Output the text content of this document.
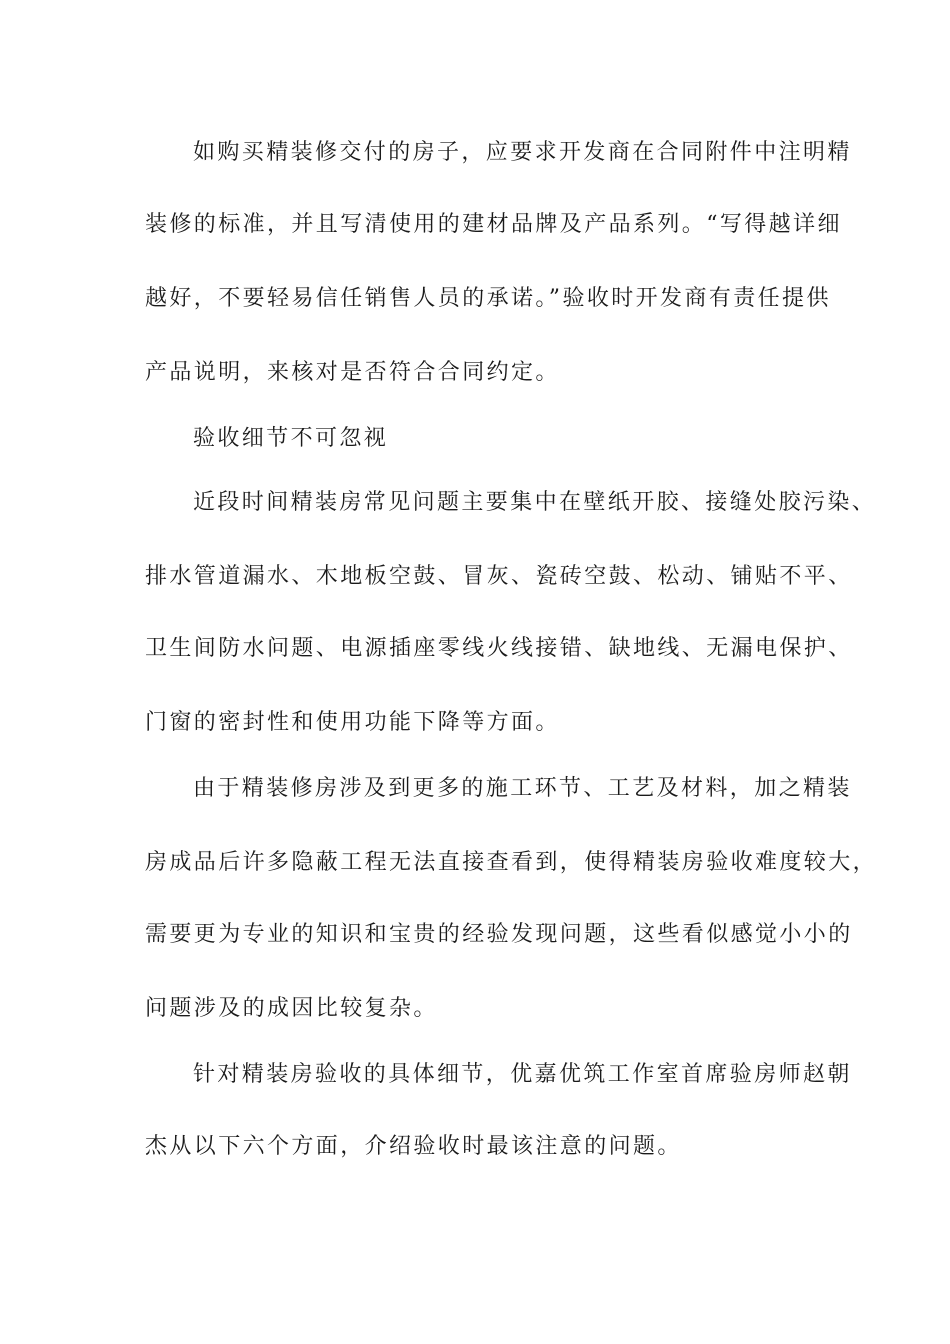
如购买精装修交付的房子，应要求开发商在合同附件中注明精
装修的标准，并且写清使用的建材品牌及产品系列。“写得越详细
越好，不要轻易信任销售人员的承诺。”验收时开发商有责任提供
产品说明，来核对是否符合合同约定。
验收细节不可忽视
近段时间精装房常见问题主要集中在壁纸开胶、接缝处胶污染、
排水管道漏水、木地板空鼓、冒灰、瓷砖空鼓、松动、铺贴不平、
卫生间防水问题、电源插座零线火线接错、缺地线、无漏电保护、
门窗的密封性和使用功能下降等方面。
由于精装修房涉及到更多的施工环节、工艺及材料，加之精装
房成品后许多隐蔽工程无法直接查看到，使得精装房验收难度较大，
需要更为专业的知识和宝贵的经验发现问题，这些看似感觉小小的
问题涉及的成因比较复杂。
针对精装房验收的具体细节，优嘉优筑工作室首席验房师赵朝
杰从以下六个方面，介绍验收时最该注意的问题。
